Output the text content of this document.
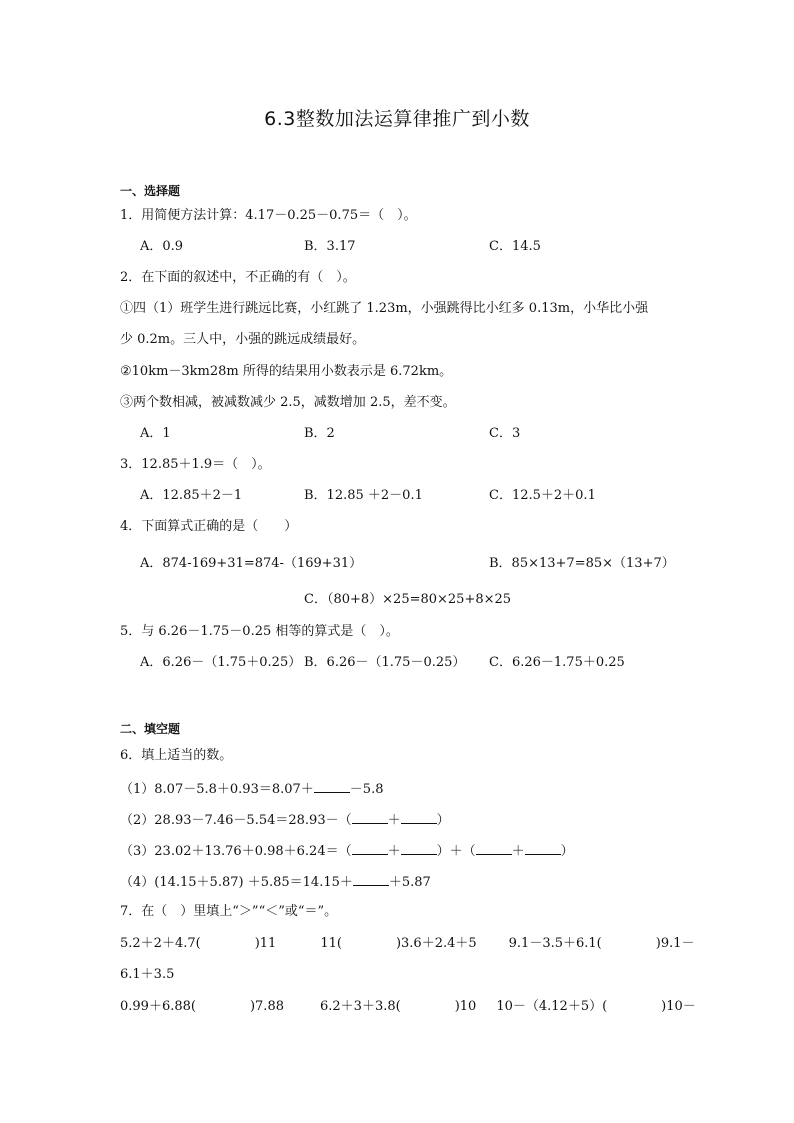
6.3整数加法运算律推广到小数
一、选择题
1．用简便方法计算：4.17－0.25－0.75＝（　）。
A．0.9	B．3.17	C．14.5
2．在下面的叙述中，不正确的有（　）。
①四（1）班学生进行跳远比赛，小红跳了 1.23m，小强跳得比小红多 0.13m，小华比小强
少 0.2m。三人中，小强的跳远成绩最好。
②10km－3km28m 所得的结果用小数表示是 6.72km。
③两个数相减，被减数减少 2.5，减数增加 2.5，差不变。
A．1	B．2	C．3
3．12.85＋1.9＝（　）。
A．12.85＋2－1	B．12.85 ＋2－0.1	C．12.5＋2＋0.1
4．下面算式正确的是（　　）
A．874-169+31=874-（169+31）	B．85×13+7=85×（13+7）
C．（80+8）×25=80×25+8×25
5．与 6.26－1.75－0.25 相等的算式是（　）。
A．6.26－（1.75＋0.25） B．6.26－（1.75－0.25） C．6.26－1.75＋0.25
二、填空题
6．填上适当的数。
（1）8.07－5.8＋0.93＝8.07＋	－5.8
（2）28.93－7.46－5.54＝28.93－（	＋	）
（3）23.02＋13.76＋0.98＋6.24＝（	＋	）＋（	＋	）
（4）(14.15＋5.87) ＋5.85＝14.15＋	＋5.87
7．在（　）里填上“＞”“＜”或“＝”。
5.2＋2＋4.7(	)11	11(	)3.6＋2.4＋5 9.1－3.5＋6.1(	)9.1－
6.1＋3.5
0.99＋6.88(	)7.88	6.2＋3＋3.8(	)10 10－（4.12＋5）(	)10－
